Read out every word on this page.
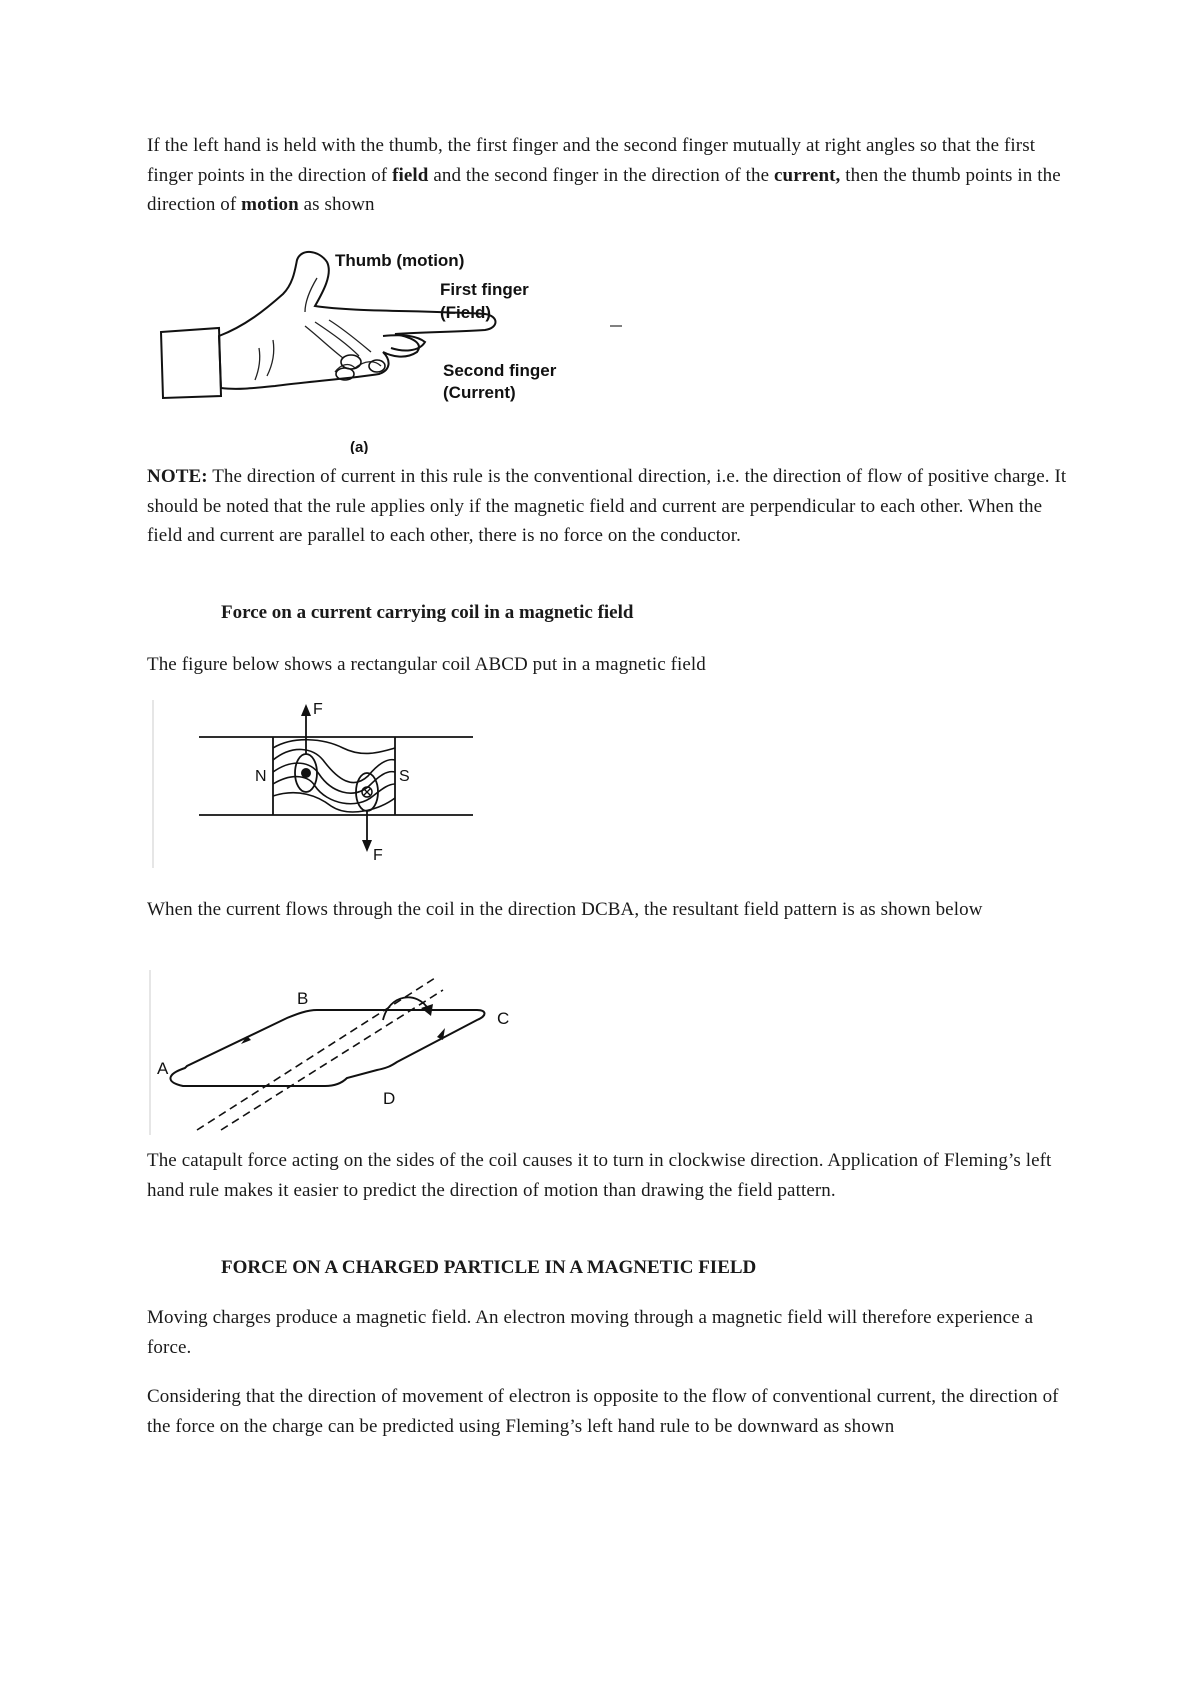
If the left hand is held with the thumb, the first finger and the second finger mutually at right angles so that the first finger points in the direction of field and the second finger in the direction of the current, then the thumb points in the direction of motion as shown

Thumb (motion)
First finger
(Field)
Second finger
(Current)
(a)

NOTE: The direction of current in this rule is the conventional direction, i.e. the direction of flow of positive charge. It should be noted that the rule applies only if the magnetic field and current are perpendicular to each other. When the field and current are parallel to each other, there is no force on the conductor.

Force on a current carrying coil in a magnetic field

The figure below shows a rectangular coil ABCD put in a magnetic field

F
F
N	S

When the current flows through the coil in the direction DCBA, the resultant field pattern is as shown below

B
C
A
D

The catapult force acting on the sides of the coil causes it to turn in clockwise direction. Application of Fleming’s left hand rule makes it easier to predict the direction of motion than drawing the field pattern.

FORCE ON A CHARGED PARTICLE IN A MAGNETIC FIELD

Moving charges produce a magnetic field. An electron moving through a magnetic field will therefore experience a force.

Considering that the direction of movement of electron is opposite to the flow of conventional current, the direction of the force on the charge can be predicted using Fleming’s left hand rule to be downward as shown
